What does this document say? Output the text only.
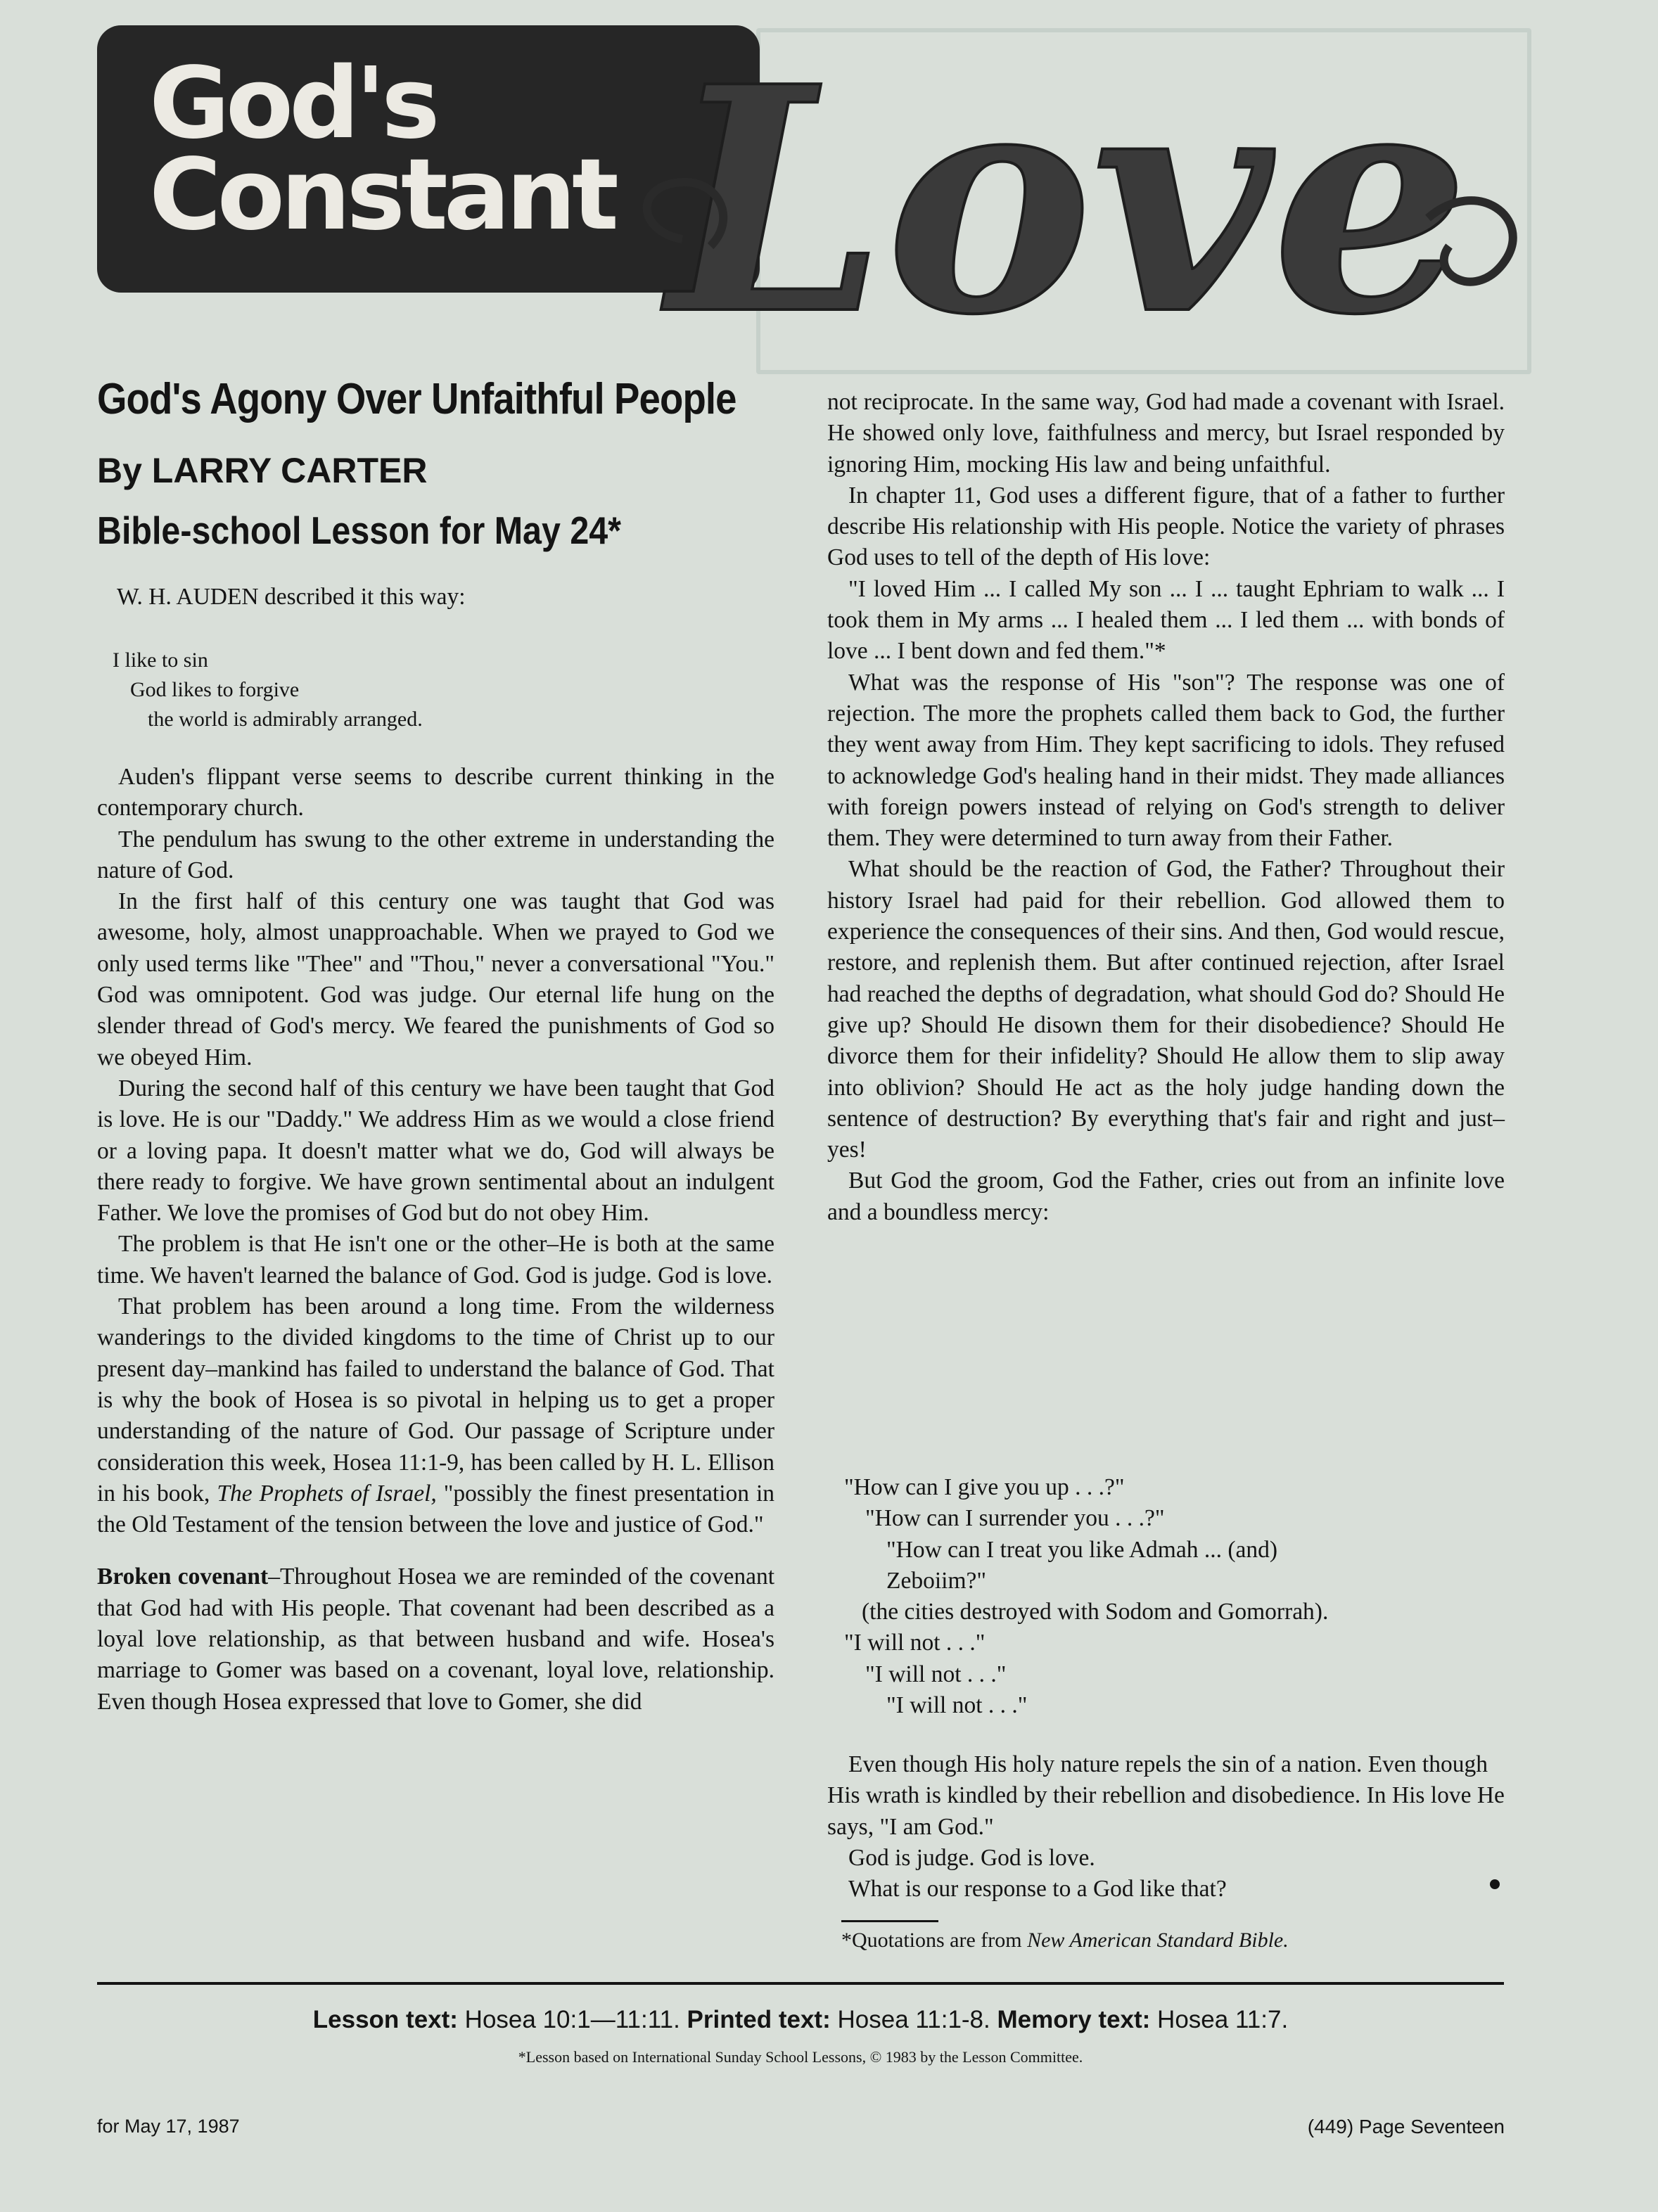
God's
Constant Love
God's Agony Over Unfaithful People
By LARRY CARTER
Bible-school Lesson for May 24*
W. H. AUDEN described it this way:
I like to sin
God likes to forgive
the world is admirably arranged.

Auden's flippant verse seems to describe current thinking in the contemporary church.

The pendulum has swung to the other extreme in understanding the nature of God.

In the first half of this century one was taught that God was awesome, holy, almost unapproachable. When we prayed to God we only used terms like "Thee" and "Thou," never a conversational "You." God was omnipotent. God was judge. Our eternal life hung on the slender thread of God's mercy. We feared the punishments of God so we obeyed Him.

During the second half of this century we have been taught that God is love. He is our "Daddy." We address Him as we would a close friend or a loving papa. It doesn't matter what we do, God will always be there ready to forgive. We have grown sentimental about an indulgent Father. We love the promises of God but do not obey Him.

The problem is that He isn't one or the other–He is both at the same time. We haven't learned the balance of God. God is judge. God is love.

That problem has been around a long time. From the wilderness wanderings to the divided kingdoms to the time of Christ up to our present day–mankind has failed to understand the balance of God. That is why the book of Hosea is so pivotal in helping us to get a proper understanding of the nature of God. Our passage of Scripture under consideration this week, Hosea 11:1-9, has been called by H. L. Ellison in his book, The Prophets of Israel, "possibly the finest presentation in the Old Testament of the tension between the love and justice of God."

Broken covenant–Throughout Hosea we are reminded of the covenant that God had with His people. That covenant had been described as a loyal love relationship, as that between husband and wife. Hosea's marriage to Gomer was based on a covenant, loyal love, relationship. Even though Hosea expressed that love to Gomer, she did

not reciprocate. In the same way, God had made a covenant with Israel. He showed only love, faithfulness and mercy, but Israel responded by ignoring Him, mocking His law and being unfaithful.

In chapter 11, God uses a different figure, that of a father to further describe His relationship with His people. Notice the variety of phrases God uses to tell of the depth of His love:

"I loved Him ... I called My son ... I ... taught Ephriam to walk ... I took them in My arms ... I healed them ... I led them ... with bonds of love ... I bent down and fed them."*

What was the response of His "son"? The response was one of rejection. The more the prophets called them back to God, the further they went away from Him. They kept sacrificing to idols. They refused to acknowledge God's healing hand in their midst. They made alliances with foreign powers instead of relying on God's strength to deliver them. They were determined to turn away from their Father.

What should be the reaction of God, the Father? Throughout their history Israel had paid for their rebellion. God allowed them to experience the consequences of their sins. And then, God would rescue, restore, and replenish them. But after continued rejection, after Israel had reached the depths of degradation, what should God do? Should He give up? Should He disown them for their disobedience? Should He divorce them for their infidelity? Should He allow them to slip away into oblivion? Should He act as the holy judge handing down the sentence of destruction? By everything that's fair and right and just–yes!

But God the groom, God the Father, cries out from an infinite love and a boundless mercy:

"How can I give you up . . .?"
"How can I surrender you . . .?"
"How can I treat you like Admah ... (and)
Zeboiim?"
(the cities destroyed with Sodom and Gomorrah).
"I will not . . ."
"I will not . . ."
"I will not . . ."

Even though His holy nature repels the sin of a nation. Even though His wrath is kindled by their rebellion and disobedience. In His love He says, "I am God."

God is judge. God is love.

What is our response to a God like that?

*Quotations are from New American Standard Bible.
Lesson text: Hosea 10:1—11:11. Printed text: Hosea 11:1-8. Memory text: Hosea 11:7.
*Lesson based on International Sunday School Lessons, © 1983 by the Lesson Committee.
for May 17, 1987	(449) Page Seventeen
